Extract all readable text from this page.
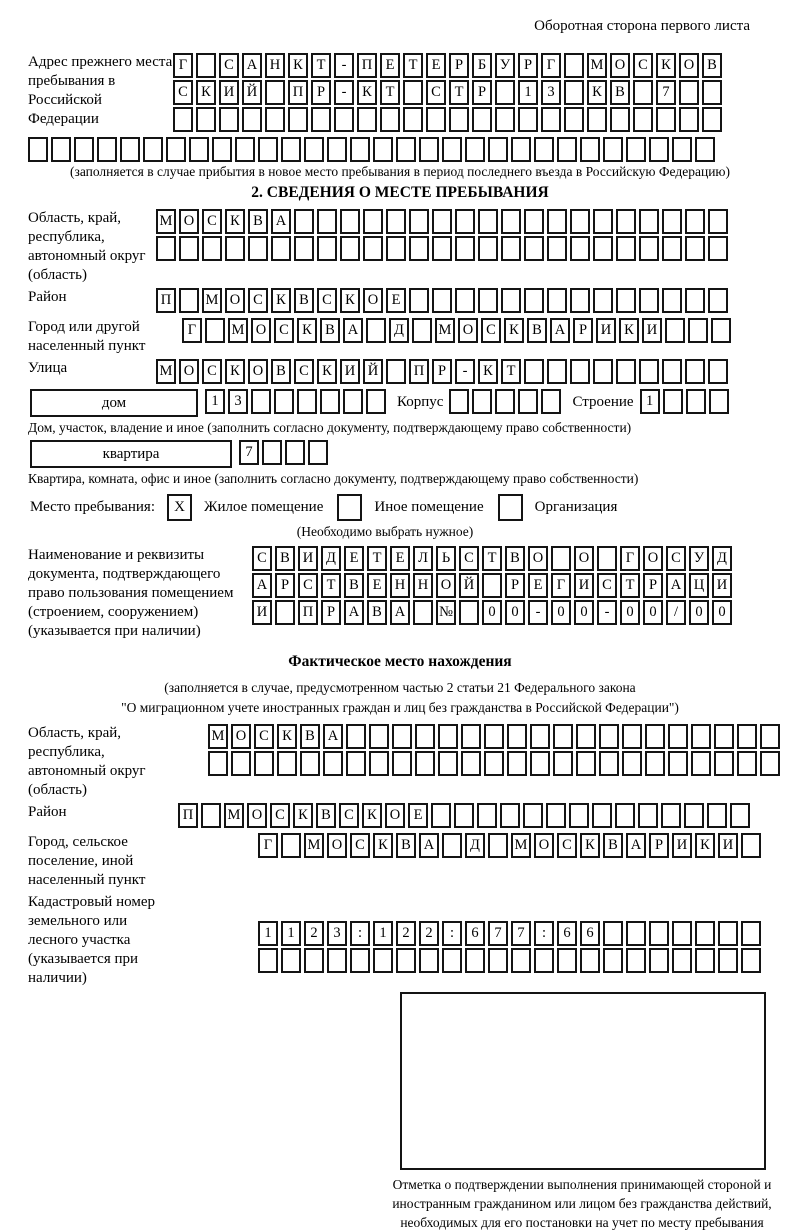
Оборотная сторона первого листа
Адрес прежнего места пребывания в Российской Федерации
Г	С А Н К Т - П Е Т Е Р Б У Р Г М О С К О В
С К И Й П Р - К Т	С Т Р	1 3	К В	7
(заполняется в случае прибытия в новое место пребывания в период последнего въезда в Российскую Федерацию)
2. СВЕДЕНИЯ О МЕСТЕ ПРЕБЫВАНИЯ
Область, край, республика, автономный округ (область)
М О С К В А
Район	П М О С К В С К О Е
Город или другой населенный пункт
Г М О С К В А Д М О С К В А Р И К И
Улица	М О С К О В С К И Й П Р - К Т
дом	1 3	Корпус	Строение 1
Дом, участок, владение и иное (заполнить согласно документу, подтверждающему право собственности)
квартира	7
Квартира, комната, офис и иное (заполнить согласно документу, подтверждающему право собственности)
Место пребывания:	X	Жилое помещение	Иное помещение	Организация
(Необходимо выбрать нужное)
Наименование и реквизиты документа, подтверждающего право пользования помещением (строением, сооружением) (указывается при наличии)
С В И Д Е Т Е Л Ь С Т В О О	Г О С У Д
А Р С Т В Е Н Н О Й	Р Е Г И С Т Р А Ц И
И П Р А В А № 0 0 - 0 0 - 0 0 / 0 0
Фактическое место нахождения
(заполняется в случае, предусмотренном частью 2 статьи 21 Федерального закона
"О миграционном учете иностранных граждан и лиц без гражданства в Российской Федерации")
Область, край, республика, автономный округ (область)
М О С К В А
Район	П М О С К В С К О Е
Город, сельское поселение, иной населенный пункт
Г М О С К В А Д М О С К В А Р И К И
Кадастровый номер земельного или лесного участка (указывается при наличии)
1 1 2 3 : 1 2 2 : 6 7 7 : 6 6
Отметка о подтверждении выполнения принимающей стороной и иностранным гражданином или лицом без гражданства действий, необходимых для его постановки на учет по месту пребывания
